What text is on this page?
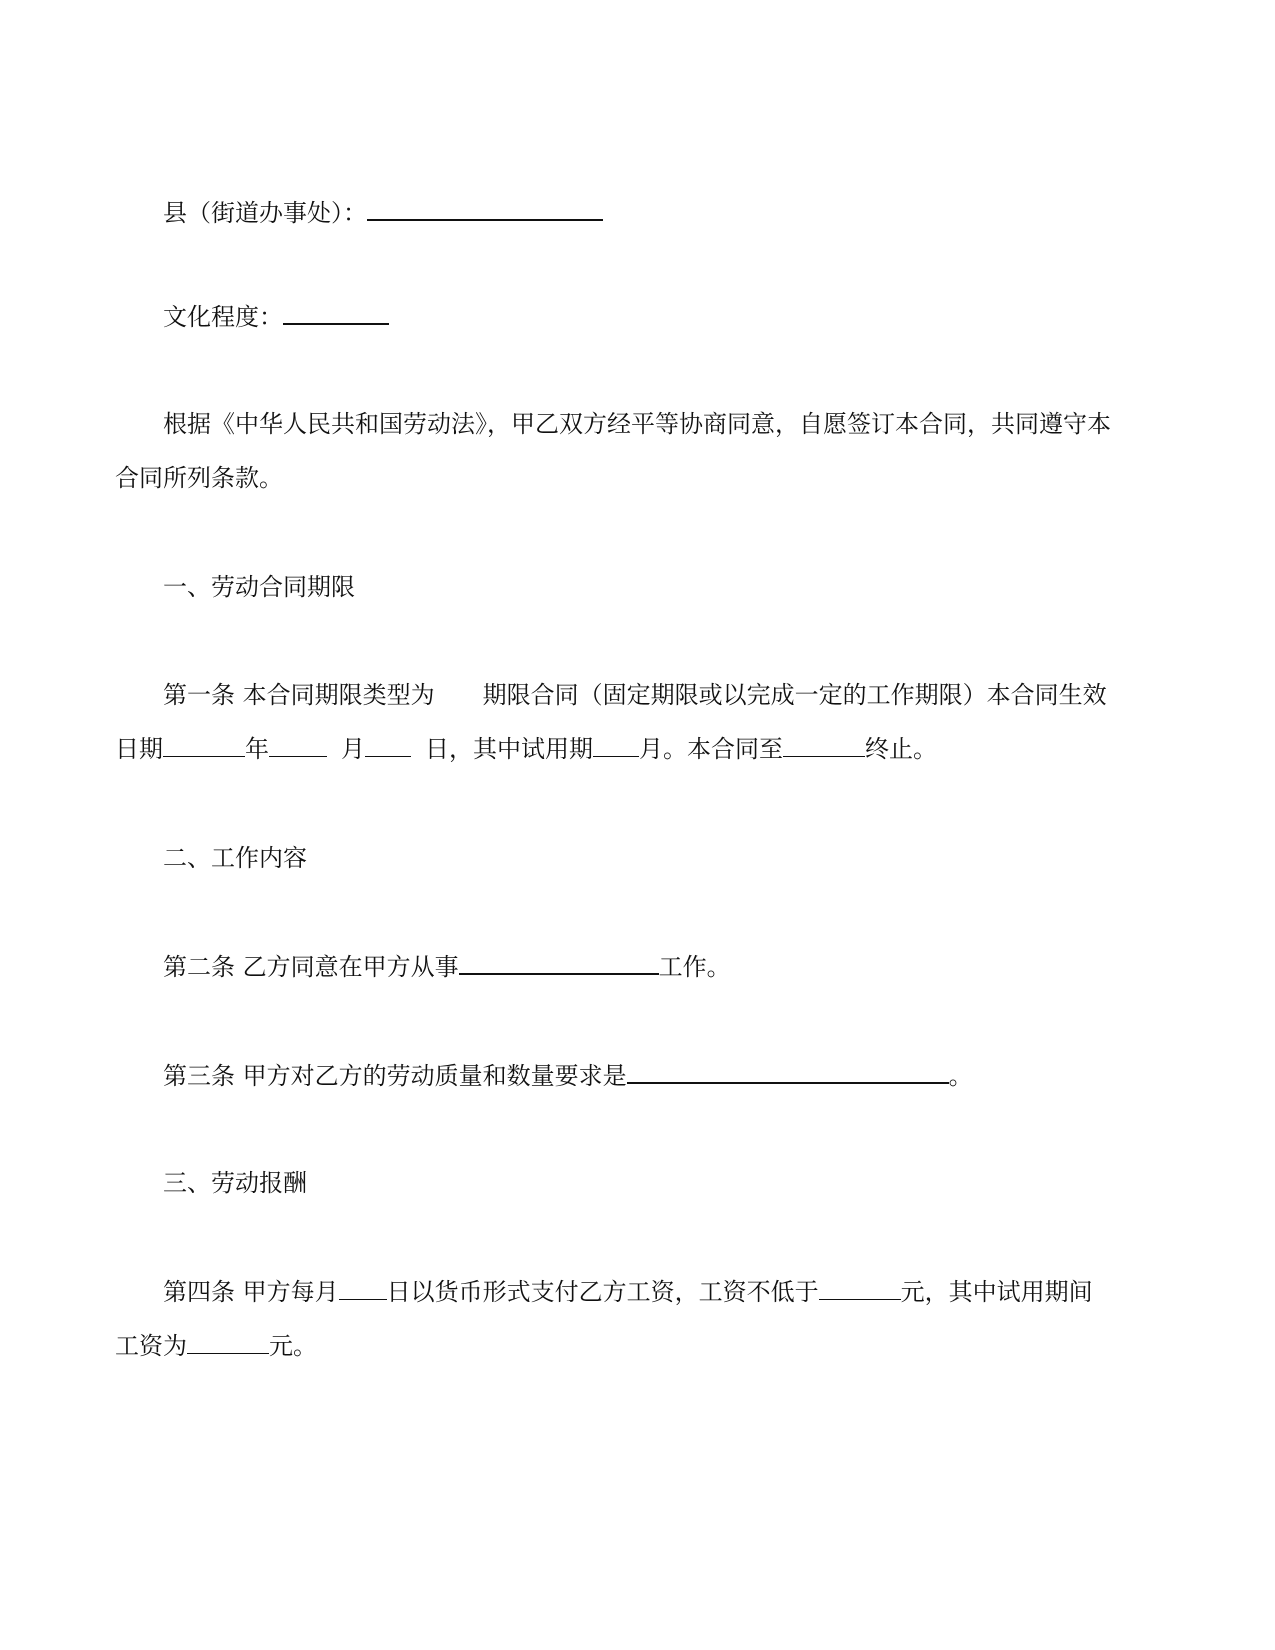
县（街道办事处）：
文化程度：
根据《中华人民共和国劳动法》，甲乙双方经平等协商同意，自愿签订本合同，共同遵守本
合同所列条款。
一、劳动合同期限
第一条 本合同期限类型为 期限合同（固定期限或以完成一定的工作期限）本合同生效
日期	年	月	日，其中试用期 月。本合同至	终止。
二、工作内容
第二条 乙方同意在甲方从事	工作。
第三条 甲方对乙方的劳动质量和数量要求是	。
三、劳动报酬
第四条 甲方每月 日以货币形式支付乙方工资，工资不低于	元，其中试用期间
工资为	元。
